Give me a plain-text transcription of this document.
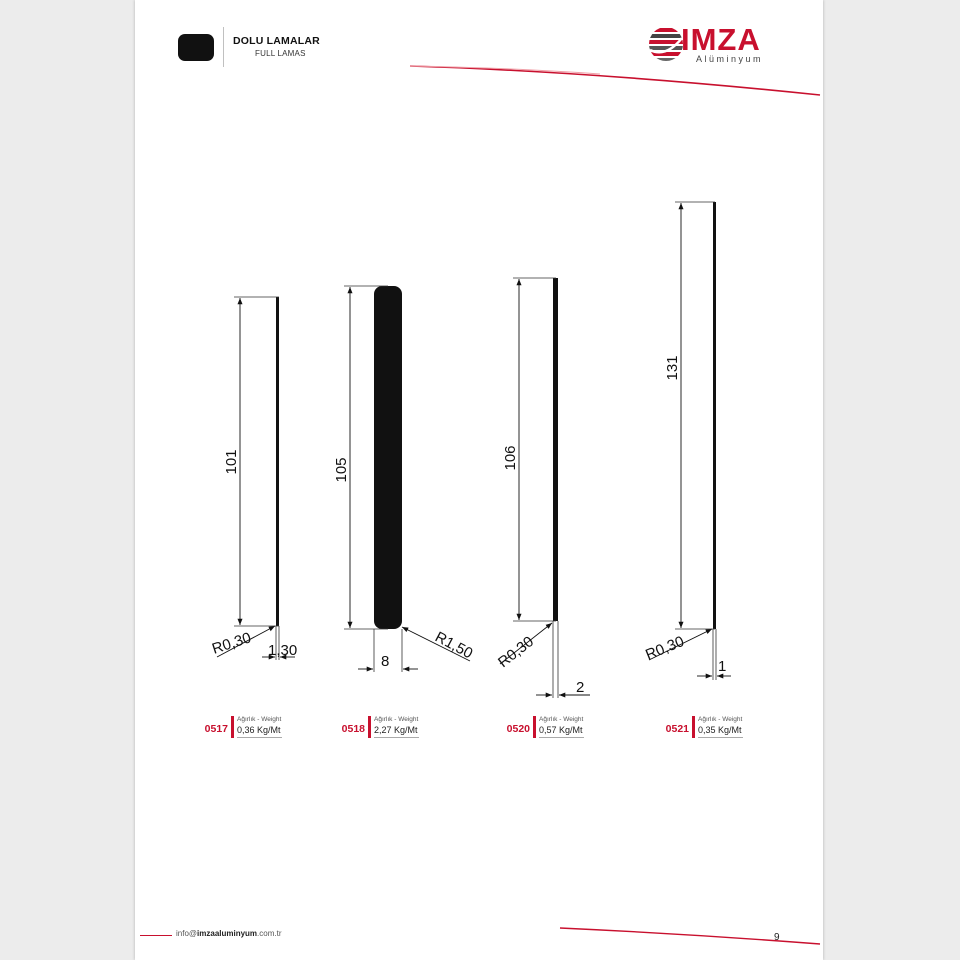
DOLU LAMALAR
FULL LAMAS	IMZA
Alüminyum
101
R0,30 1,30
105
8	R1,50
106
R0,30
2
131
R0,30
1
0517
Ağırlık - Weight
0,36 Kg/Mt	0518
Ağırlık - Weight
2,27 Kg/Mt	0520
Ağırlık - Weight
0,57 Kg/Mt	0521
Ağırlık - Weight
0,35 Kg/Mt
info@imzaaluminyum.com.tr	9
